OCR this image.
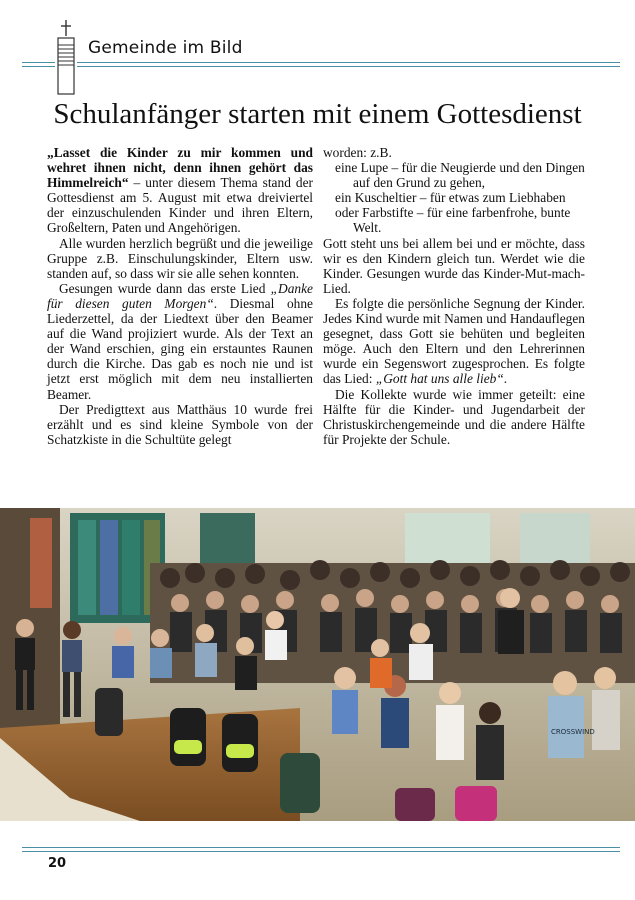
Gemeinde im Bild
Schulanfänger starten mit einem Gottesdienst

„Lasset die Kinder zu mir kommen und wehret ihnen nicht, denn ihnen gehört das Himmelreich“ – unter diesem Thema stand der Gottesdienst am 5. August mit etwa dreiviertel der einzuschulenden Kinder und ihren Eltern, Großeltern, Paten und Angehörigen.

Alle wurden herzlich begrüßt und die jeweilige Gruppe z.B. Einschulungskinder, Eltern usw. standen auf, so dass wir sie alle sehen konnten.

Gesungen wurde dann das erste Lied „Danke für diesen guten Morgen“. Diesmal ohne Liederzettel, da der Liedtext über den Beamer auf die Wand projiziert wurde. Als der Text an der Wand erschien, ging ein erstauntes Raunen durch die Kirche. Das gab es noch nie und ist jetzt erst möglich mit dem neu installierten Beamer.

Der Predigttext aus Matthäus 10 wurde frei erzählt und es sind kleine Symbole von der Schatzkiste in die Schultüte gelegt

worden: z.B.

eine Lupe – für die Neugierde und den Dingen auf den Grund zu gehen,

ein Kuscheltier – für etwas zum Liebhaben

oder Farbstifte – für eine farbenfrohe, bunte Welt.

Gott steht uns bei allem bei und er möchte, dass wir es den Kindern gleich tun. Werdet wie die Kinder. Gesungen wurde das Kinder-Mut-mach-Lied.

Es folgte die persönliche Segnung der Kinder. Jedes Kind wurde mit Namen und Handauflegen gesegnet, dass Gott sie behüten und begleiten möge. Auch den Eltern und den Lehrerinnen wurde ein Segenswort zugesprochen. Es folgte das Lied: „Gott hat uns alle lieb“.

Die Kollekte wurde wie immer geteilt: eine Hälfte für die Kinder- und Jugendarbeit der Christuskirchengemeinde und die andere Hälfte für Projekte der Schule.

CROSSWIND
20
